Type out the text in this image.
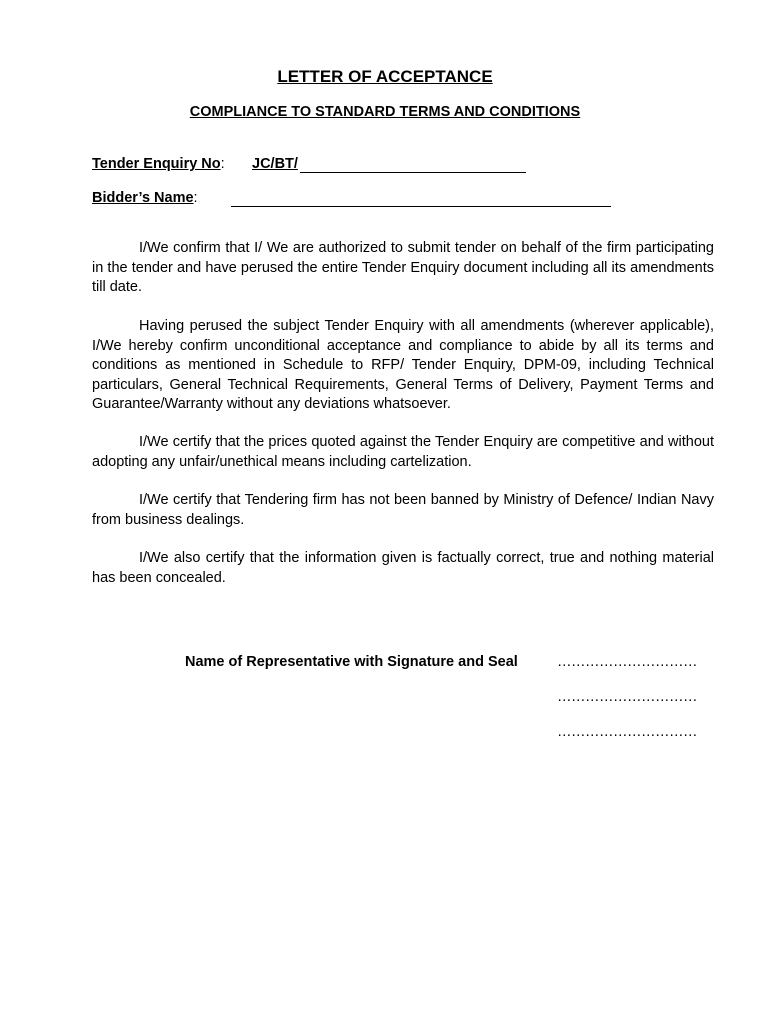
LETTER OF ACCEPTANCE
COMPLIANCE TO STANDARD TERMS AND CONDITIONS
Tender Enquiry No: JC/BT/
Bidder’s Name:

I/We confirm that I/ We are authorized to submit tender on behalf of the firm participating in the tender and have perused the entire Tender Enquiry document including all its amendments till date.

Having perused the subject Tender Enquiry with all amendments (wherever applicable), I/We hereby confirm unconditional acceptance and compliance to abide by all its terms and conditions as mentioned in Schedule to RFP/ Tender Enquiry, DPM-09, including Technical particulars, General Technical Requirements, General Terms of Delivery, Payment Terms and Guarantee/Warranty without any deviations whatsoever.

I/We certify that the prices quoted against the Tender Enquiry are competitive and without adopting any unfair/unethical means including cartelization.

I/We certify that Tendering firm has not been banned by Ministry of Defence/ Indian Navy from business dealings.

I/We also certify that the information given is factually correct, true and nothing material has been concealed.

Name of Representative with Signature and Seal	…………………………
…………………………
…………………………
